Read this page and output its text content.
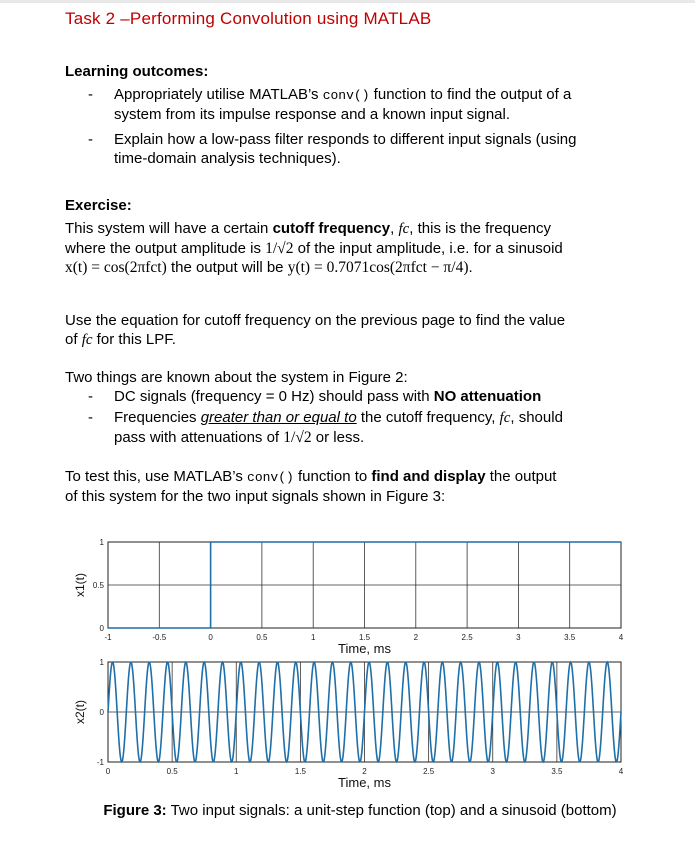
Task 2 –Performing Convolution using MATLAB
Learning outcomes:
- Appropriately utilise MATLAB’s conv() function to find the output of a
system from its impulse response and a known input signal.
- Explain how a low-pass filter responds to different input signals (using
time-domain analysis techniques).
Exercise:
This system will have a certain cutoff frequency, fc, this is the frequency
where the output amplitude is 1/√2 of the input amplitude, i.e. for a sinusoid
x(t) = cos(2πfct) the output will be y(t) = 0.7071cos(2πfct − π/4).
Use the equation for cutoff frequency on the previous page to find the value
of fc for this LPF.
Two things are known about the system in Figure 2:
- DC signals (frequency = 0 Hz) should pass with NO attenuation
- Frequencies greater than or equal to the cutoff frequency, fc, should
pass with attenuations of 1/√2 or less.
To test this, use MATLAB’s conv() function to find and display the output
of this system for the two input signals shown in Figure 3:
-1	-0.5	0	0.5	1	1.5	2	2.5	3	3.5	4
0
0.5
1
Time, ms
x1(t)
0	0.5	1	1.5	2	2.5	3	3.5	4
-1
0
1
Time, ms
x2(t)
Figure 3: Two input signals: a unit-step function (top) and a sinusoid (bottom)
